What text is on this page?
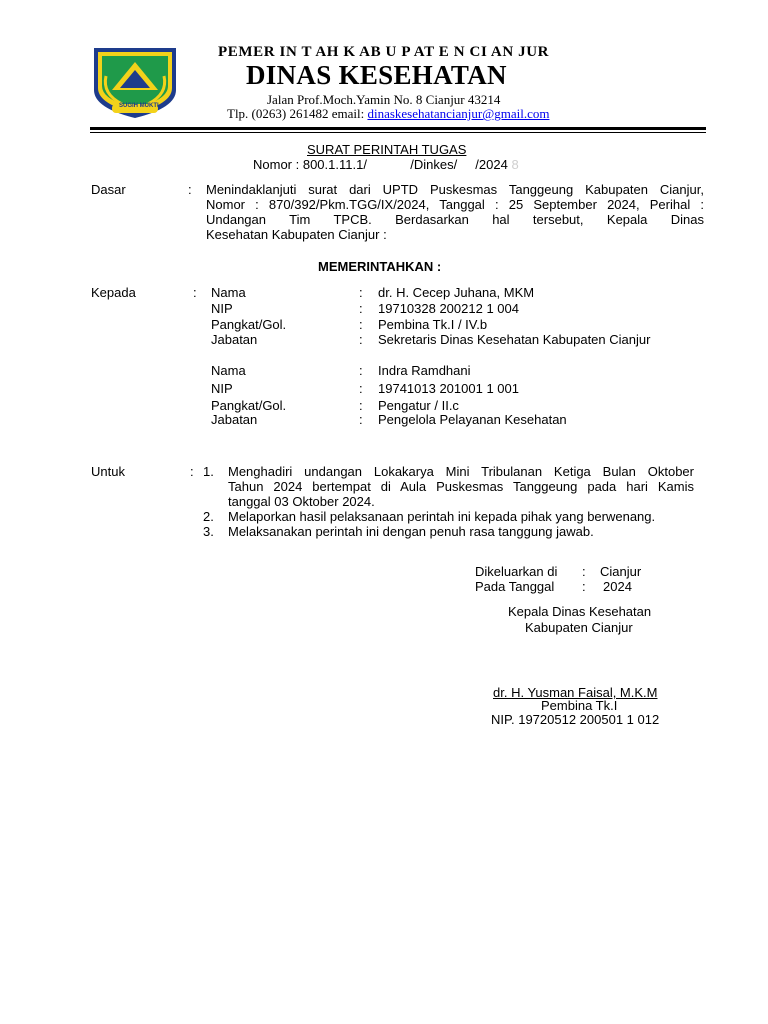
SUGIH MUKTI
PEMER IN T AH K AB U P AT E N CI AN JUR
DINAS KESEHATAN
Jalan Prof.Moch.Yamin No. 8 Cianjur 43214
Tlp. (0263) 261482 email: dinaskesehatancianjur@gmail.com
SURAT PERINTAH TUGAS
Nomor : 800.1.11.1/            /Dinkes/     /2024 8
Dasar	: Menindaklanjuti surat dari UPTD Puskesmas Tanggeung Kabupaten Cianjur,
Nomor : 870/392/Pkm.TGG/IX/2024, Tanggal : 25 September 2024, Perihal :
Undangan Tim TPCB. Berdasarkan hal tersebut, Kepala Dinas
Kesehatan Kabupaten Cianjur :
MEMERINTAHKAN :
Kepada	: Nama	: dr. H. Cecep Juhana, MKM
NIP	: 19710328 200212 1 004
Pangkat/Gol.	: Pembina Tk.I / IV.b
Jabatan	: Sekretaris Dinas Kesehatan Kabupaten Cianjur
Nama	: Indra Ramdhani
NIP	: 19741013 201001 1 001
Pangkat/Gol.	: Pengatur / II.c
Jabatan	: Pengelola Pelayanan Kesehatan
Untuk	: 1. Menghadiri undangan Lokakarya Mini Tribulanan Ketiga Bulan Oktober
Tahun 2024 bertempat di Aula Puskesmas Tanggeung pada hari Kamis
tanggal 03 Oktober 2024.
2. Melaporkan hasil pelaksanaan perintah ini kepada pihak yang berwenang.
3. Melaksanakan perintah ini dengan penuh rasa tanggung jawab.
Dikeluarkan di : Cianjur
Pada Tanggal : 2024
Kepala Dinas Kesehatan
Kabupaten Cianjur
dr. H. Yusman Faisal, M.K.M
Pembina Tk.I
NIP. 19720512 200501 1 012
